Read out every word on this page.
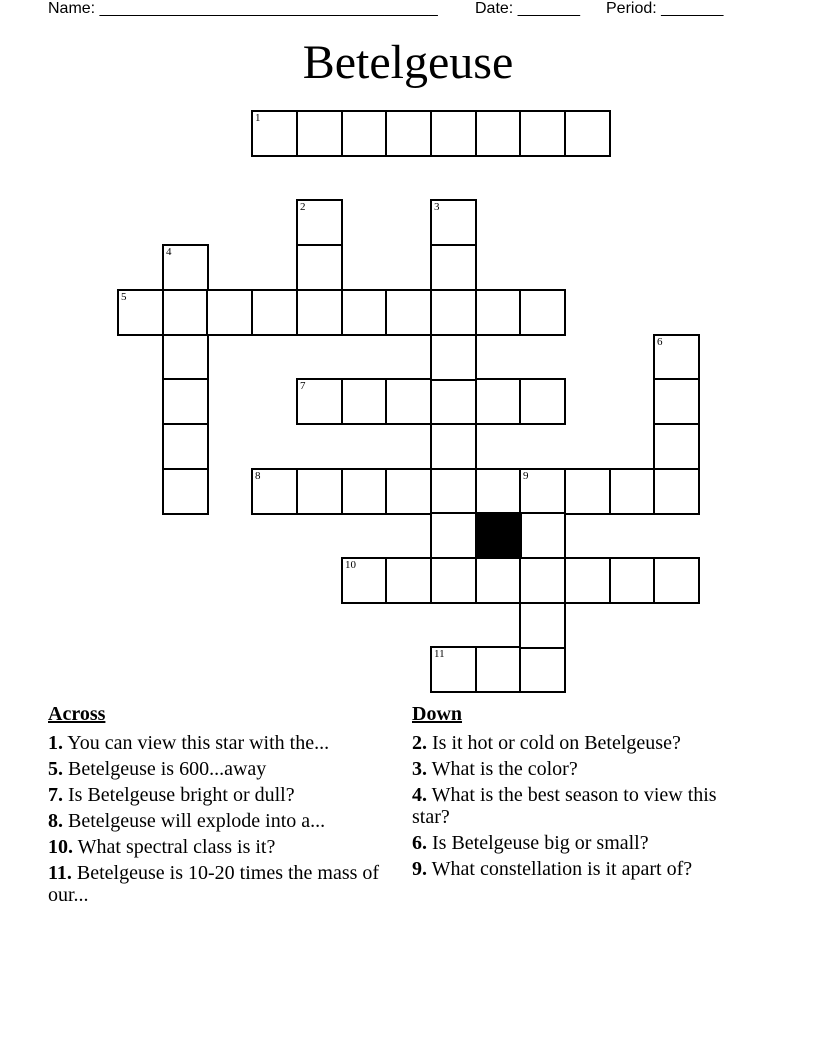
Name: ______________________________________ Date: _______ Period: _______
Betelgeuse
1
5
7
8	9
10
11
2	3
4
6
Across
1. You can view this star with the...
5. Betelgeuse is 600...away
7. Is Betelgeuse bright or dull?
8. Betelgeuse will explode into a...
10. What spectral class is it?
11. Betelgeuse is 10-20 times the mass of our...
Down
2. Is it hot or cold on Betelgeuse?
3. What is the color?
4. What is the best season to view this star?
6. Is Betelgeuse big or small?
9. What constellation is it apart of?
